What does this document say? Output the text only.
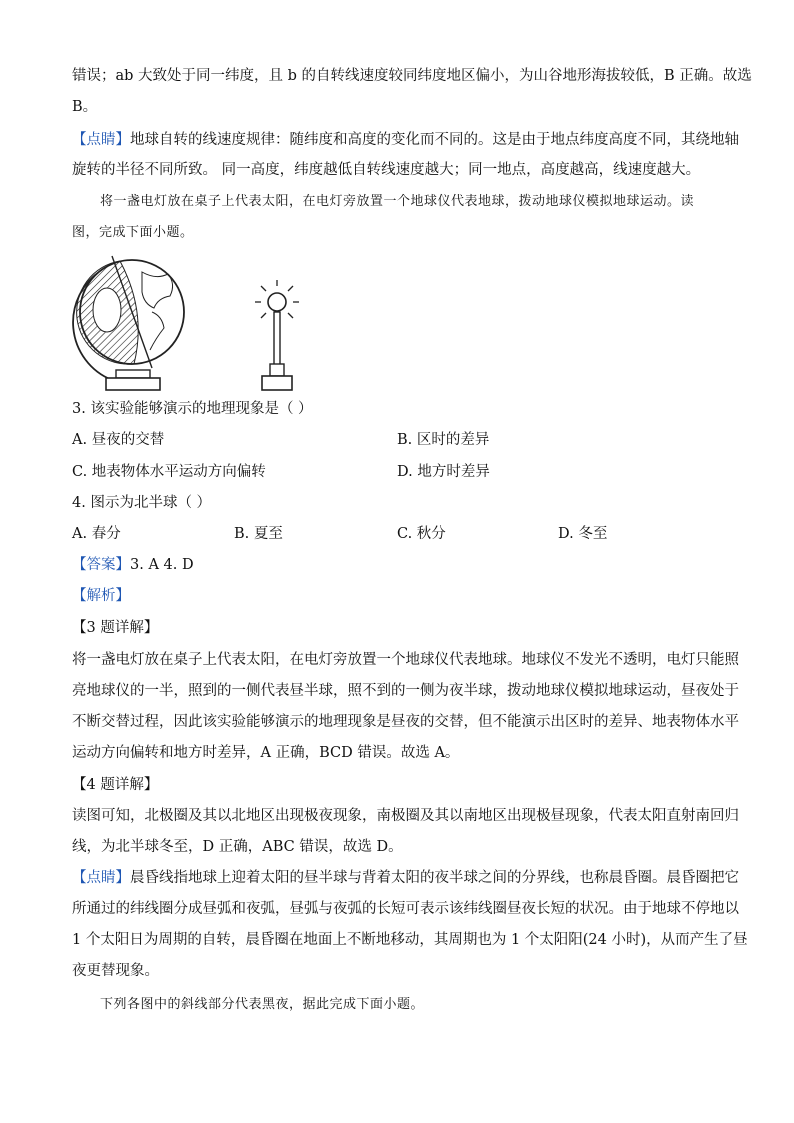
错误；ab 大致处于同一纬度，且 b 的自转线速度较同纬度地区偏小，为山谷地形海拔较低，B 正确。故选
B。
【点睛】地球自转的线速度规律：随纬度和高度的变化而不同的。这是由于地点纬度高度不同，其绕地轴
旋转的半径不同所致。 同一高度，纬度越低自转线速度越大；同一地点，高度越高，线速度越大。
将一盏电灯放在桌子上代表太阳，在电灯旁放置一个地球仪代表地球，拨动地球仪模拟地球运动。读
图，完成下面小题。
3. 该实验能够演示的地理现象是（ ）
A. 昼夜的交替	B. 区时的差异
C. 地表物体水平运动方向偏转	D. 地方时差异
4. 图示为北半球（ ）
A. 春分	B. 夏至	C. 秋分	D. 冬至
【答案】3. A 4. D
【解析】
【3 题详解】
将一盏电灯放在桌子上代表太阳，在电灯旁放置一个地球仪代表地球。地球仪不发光不透明，电灯只能照
亮地球仪的一半，照到的一侧代表昼半球，照不到的一侧为夜半球，拨动地球仪模拟地球运动，昼夜处于
不断交替过程，因此该实验能够演示的地理现象是昼夜的交替，但不能演示出区时的差异、地表物体水平
运动方向偏转和地方时差异，A 正确，BCD 错误。故选 A。
【4 题详解】
读图可知，北极圈及其以北地区出现极夜现象，南极圈及其以南地区出现极昼现象，代表太阳直射南回归
线，为北半球冬至，D 正确，ABC 错误，故选 D。
【点睛】晨昏线指地球上迎着太阳的昼半球与背着太阳的夜半球之间的分界线，也称晨昏圈。晨昏圈把它
所通过的纬线圈分成昼弧和夜弧，昼弧与夜弧的长短可表示该纬线圈昼夜长短的状况。由于地球不停地以
1 个太阳日为周期的自转，晨昏圈在地面上不断地移动，其周期也为 1 个太阳阳(24 小时)，从而产生了昼
夜更替现象。
下列各图中的斜线部分代表黑夜，据此完成下面小题。
